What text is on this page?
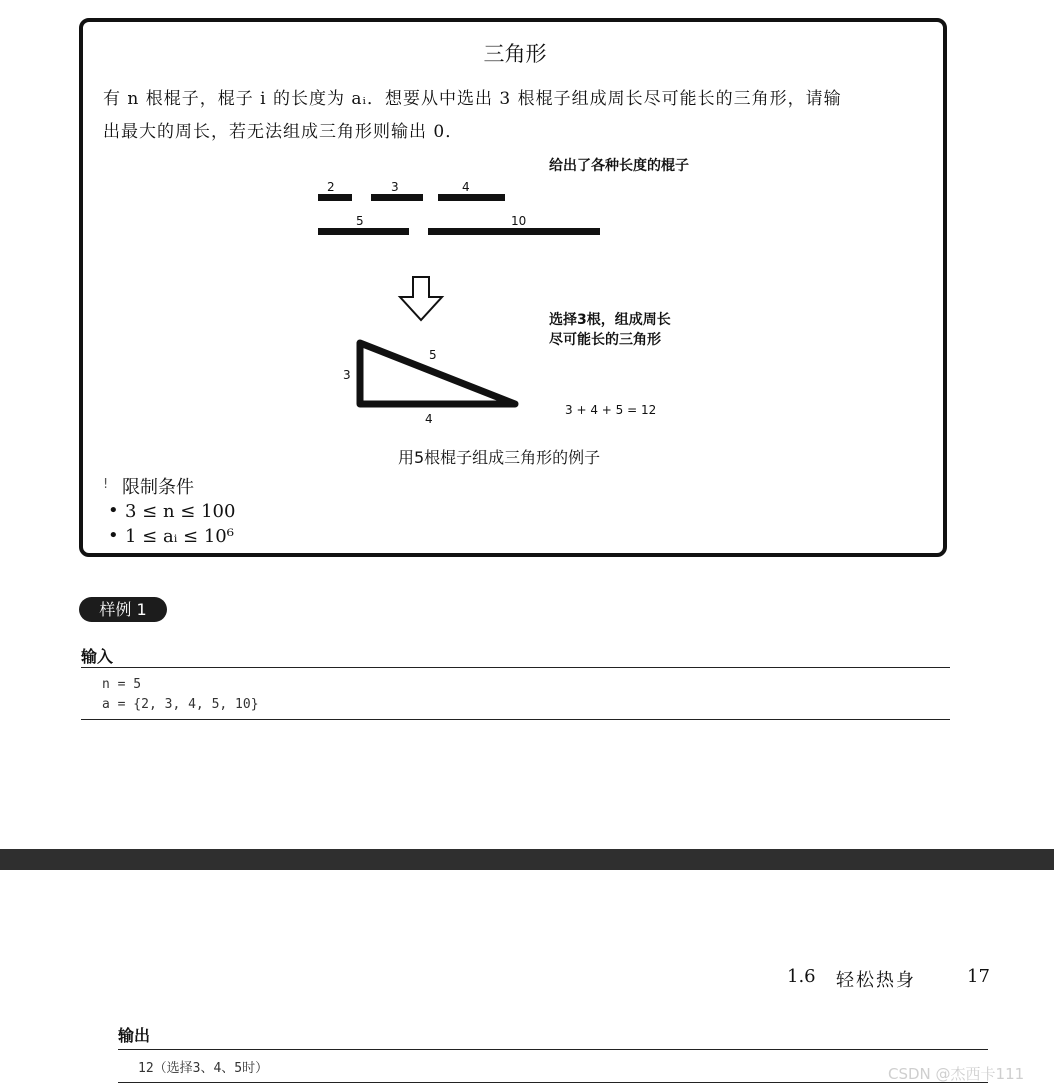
三角形
有 n 根棍子，棍子 i 的长度为 aᵢ．想要从中选出 3 根棍子组成周长尽可能长的三角形，请输
出最大的周长，若无法组成三角形则输出 0．
给出了各种长度的棍子
2	3	4
5	10
选择3根，组成周长
尽可能长的三角形
3
5
4
3 + 4 + 5 = 12
用5根棍子组成三角形的例子
! 限制条件
• 3 ≤ n ≤ 100
• 1 ≤ aᵢ ≤ 10⁶
样例 1
输入
n = 5
a = {2, 3, 4, 5, 10}
1.6 轻松热身	17
输出
12（选择3、4、5时）	CSDN @杰西卡111
